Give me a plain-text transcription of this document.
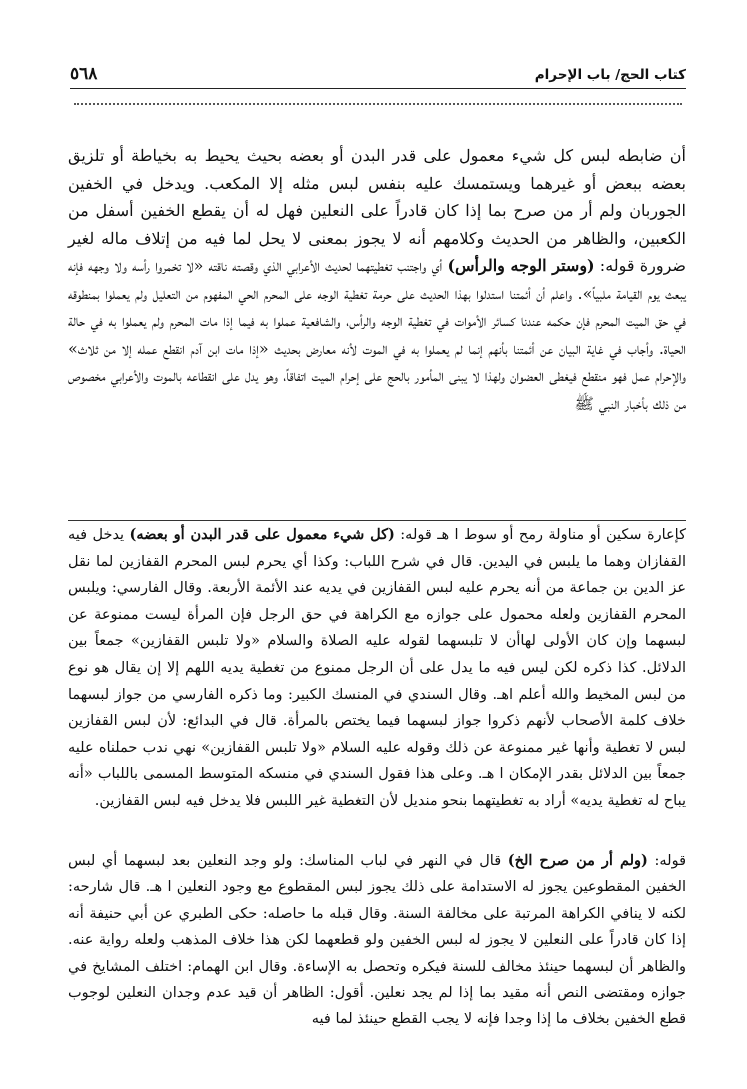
كتاب الحج/ باب الإحرام
٥٦٨

أن ضابطه لبس كل شيء معمول على قدر البدن أو بعضه بحيث يحيط به بخياطة أو تلزيق بعضه ببعض أو غيرهما ويستمسك عليه بنفس لبس مثله إلا المكعب. ويدخل في الخفين الجوربان ولم أر من صرح بما إذا كان قادراً على النعلين فهل له أن يقطع الخفين أسفل من الكعبين، والظاهر من الحديث وكلامهم أنه لا يجوز بمعنى لا يحل لما فيه من إتلاف ماله لغير ضرورة قوله: (وستر الوجه والرأس) أي واجتنب تغطيتهما لحديث الأعرابي الذي وقصته ناقته «لا تخمروا رأسه ولا وجهه فإنه يبعث يوم القيامة ملبياً». واعلم أن أئمتنا استدلوا بهذا الحديث على حرمة تغطية الوجه على المحرم الحي المفهوم من التعليل ولم يعملوا بمنطوقه في حق الميت المحرم فإن حكمه عندنا كسائر الأموات في تغطية الوجه والرأس، والشافعية عملوا به فيما إذا مات المحرم ولم يعملوا به في حالة الحياة. وأجاب في غاية البيان عن أئمتنا بأنهم إنما لم يعملوا به في الموت لأنه معارض بحديث «إذا مات ابن آدم انقطع عمله إلا من ثلاث» والإحرام عمل فهو منقطع فيغطى العضوان ولهذا لا يبنى المأمور بالحج على إحرام الميت اتفاقاً، وهو يدل على انقطاعه بالموت والأعرابي مخصوص من ذلك بأخبار النبي ﷺ

كإعارة سكين أو مناولة رمح أو سوط ا هـ قوله: (كل شيء معمول على قدر البدن أو بعضه) يدخل فيه القفازان وهما ما يلبس في اليدين. قال في شرح اللباب: وكذا أي يحرم لبس المحرم القفازين لما نقل عز الدين بن جماعة من أنه يحرم عليه لبس القفازين في يديه عند الأئمة الأربعة. وقال الفارسي: ويلبس المحرم القفازين ولعله محمول على جوازه مع الكراهة في حق الرجل فإن المرأة ليست ممنوعة عن لبسهما وإن كان الأولى لهاأن لا تلبسهما لقوله عليه الصلاة والسلام «ولا تلبس القفازين» جمعاً بين الدلائل. كذا ذكره لكن ليس فيه ما يدل على أن الرجل ممنوع من تغطية يديه اللهم إلا إن يقال هو نوع من لبس المخيط والله أعلم اهـ. وقال السندي في المنسك الكبير: وما ذكره الفارسي من جواز لبسهما خلاف كلمة الأصحاب لأنهم ذكروا جواز لبسهما فيما يختص بالمرأة. قال في البدائع: لأن لبس القفازين لبس لا تغطية وأنها غير ممنوعة عن ذلك وقوله عليه السلام «ولا تلبس القفازين» نهي ندب حملناه عليه جمعاً بين الدلائل بقدر الإمكان ا هـ. وعلى هذا فقول السندي في منسكه المتوسط المسمى باللباب «أنه يباح له تغطية يديه» أراد به تغطيتهما بنحو منديل لأن التغطية غير اللبس فلا يدخل فيه لبس القفازين.

قوله: (ولم أر من صرح الخ) قال في النهر في لباب المناسك: ولو وجد النعلين بعد لبسهما أي لبس الخفين المقطوعين يجوز له الاستدامة على ذلك يجوز لبس المقطوع مع وجود النعلين ا هـ. قال شارحه: لكنه لا ينافي الكراهة المرتبة على مخالفة السنة. وقال قبله ما حاصله: حكى الطبري عن أبي حنيفة أنه إذا كان قادراً على النعلين لا يجوز له لبس الخفين ولو قطعهما لكن هذا خلاف المذهب ولعله رواية عنه. والظاهر أن لبسهما حينئذ مخالف للسنة فيكره وتحصل به الإساءة. وقال ابن الهمام: اختلف المشايخ في جوازه ومقتضى النص أنه مقيد بما إذا لم يجد نعلين. أقول: الظاهر أن قيد عدم وجدان النعلين لوجوب قطع الخفين بخلاف ما إذا وجدا فإنه لا يجب القطع حينئذ لما فيه
